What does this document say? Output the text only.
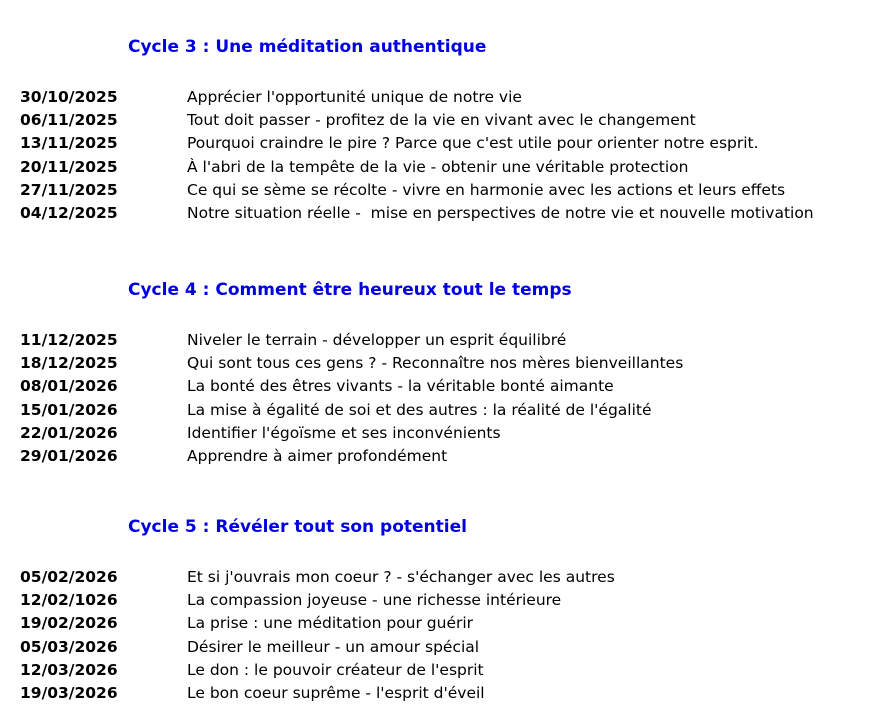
Cycle 3 : Une méditation authentique
30/10/2025	Apprécier l'opportunité unique de notre vie
06/11/2025	Tout doit passer - profitez de la vie en vivant avec le changement
13/11/2025	Pourquoi craindre le pire ? Parce que c'est utile pour orienter notre esprit.
20/11/2025	À l'abri de la tempête de la vie - obtenir une véritable protection
27/11/2025	Ce qui se sème se récolte - vivre en harmonie avec les actions et leurs effets
04/12/2025	Notre situation réelle -  mise en perspectives de notre vie et nouvelle motivation
Cycle 4 : Comment être heureux tout le temps
11/12/2025	Niveler le terrain - développer un esprit équilibré
18/12/2025	Qui sont tous ces gens ? - Reconnaître nos mères bienveillantes
08/01/2026	La bonté des êtres vivants - la véritable bonté aimante
15/01/2026	La mise à égalité de soi et des autres : la réalité de l'égalité
22/01/2026	Identifier l'égoïsme et ses inconvénients
29/01/2026	Apprendre à aimer profondément
Cycle 5 : Révéler tout son potentiel
05/02/2026	Et si j'ouvrais mon coeur ? - s'échanger avec les autres
12/02/1026	La compassion joyeuse - une richesse intérieure
19/02/2026	La prise : une méditation pour guérir
05/03/2026	Désirer le meilleur - un amour spécial
12/03/2026	Le don : le pouvoir créateur de l'esprit
19/03/2026	Le bon coeur suprême - l'esprit d'éveil
